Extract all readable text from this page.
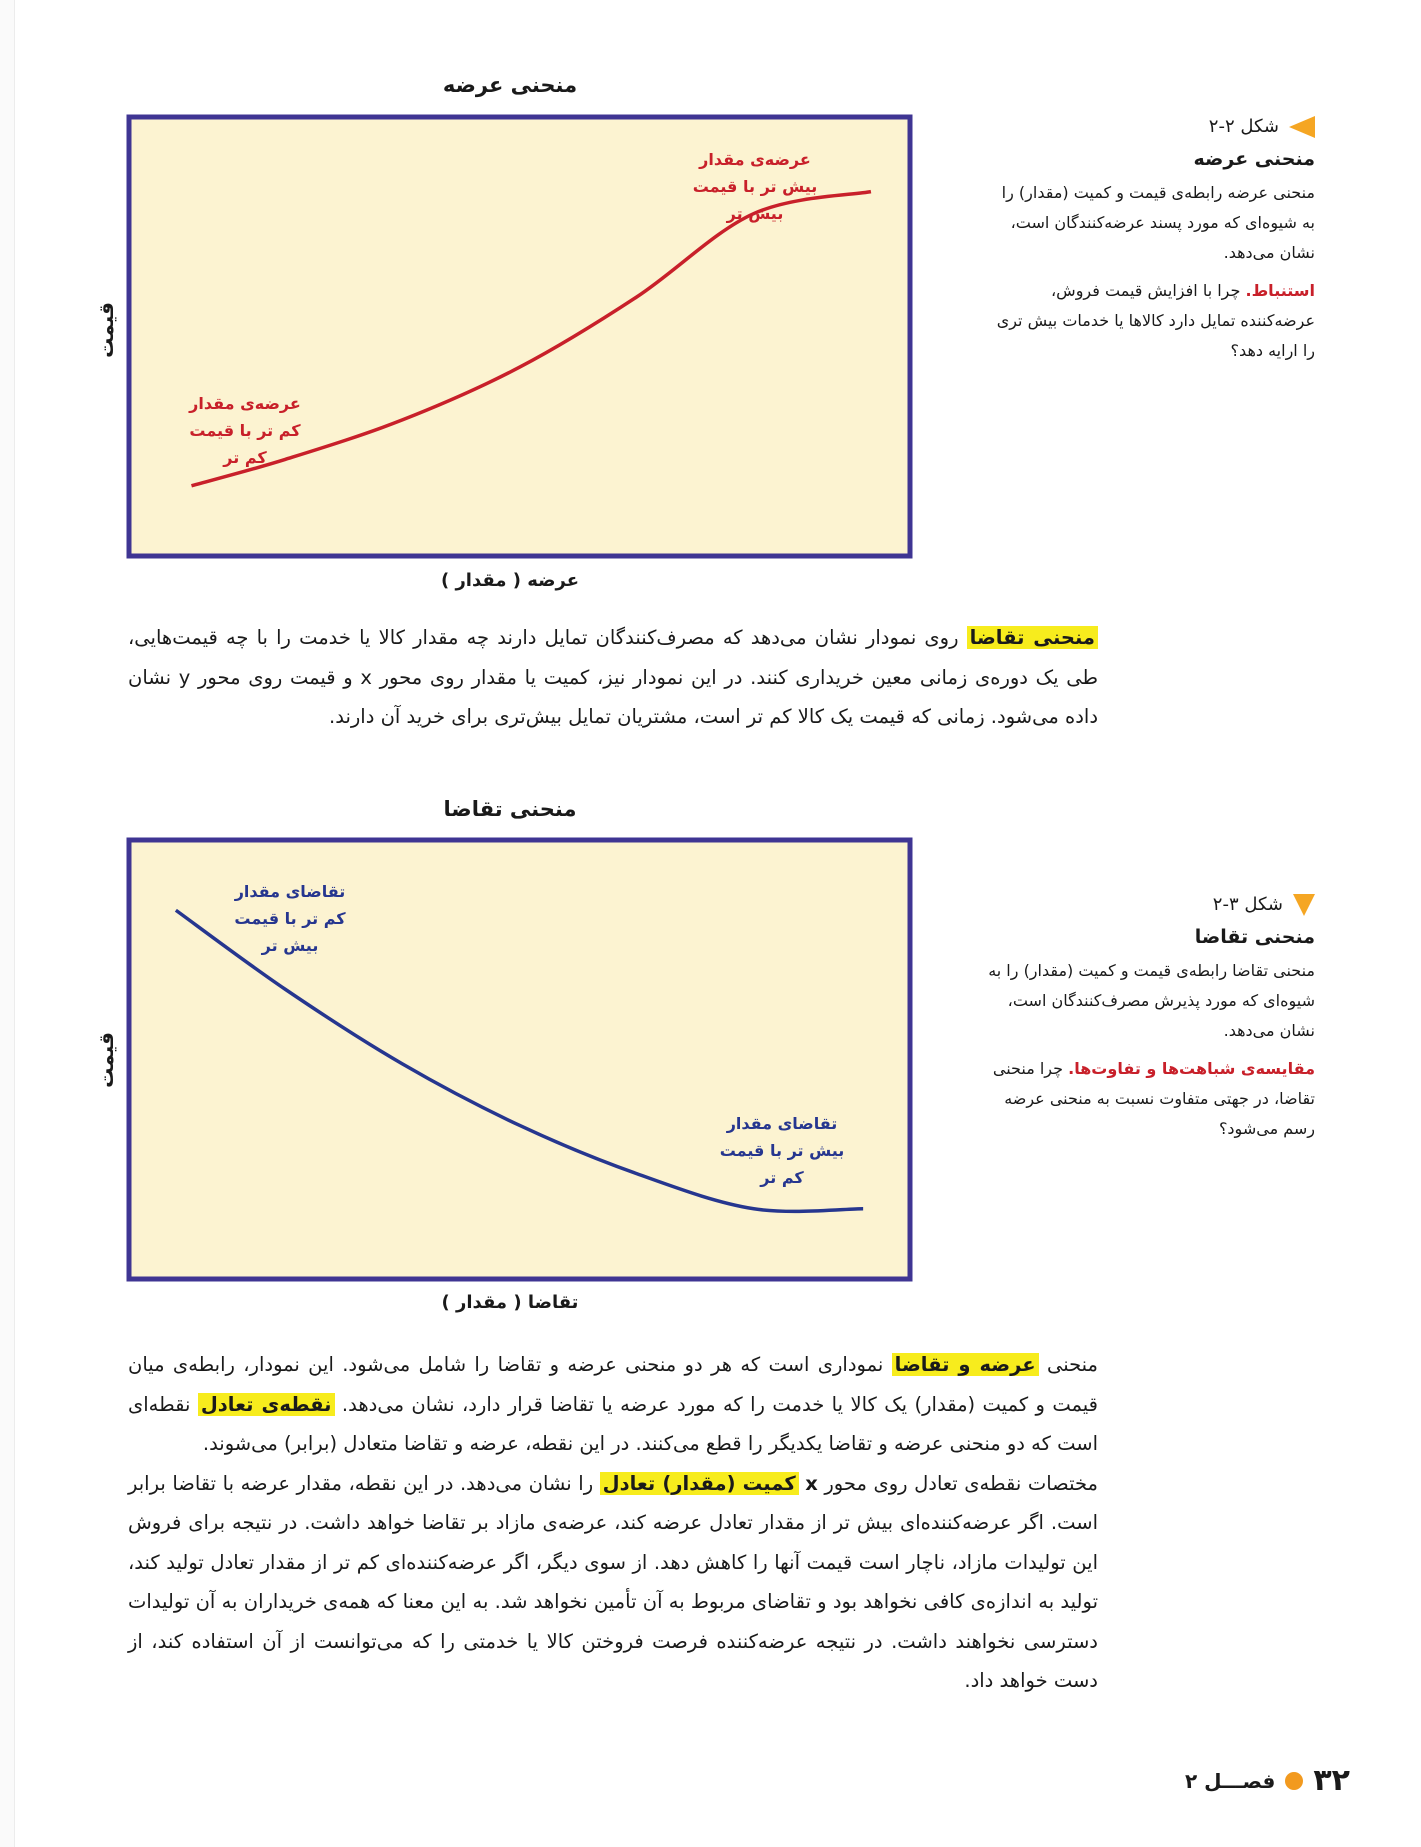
منحنی عرضه
قیمت
عرضه‌ی مقدار
بیش تر با قیمت
بیش تر
عرضه‌ی مقدار
کم تر با قیمت
کم تر
عرضه ( مقدار )
شکل ۲-۲
منحنی عرضه
منحنی عرضه رابطه‌ی قیمت و کمیت (مقدار) را به شیوه‌ای که مورد پسند عرضه‌کنندگان است، نشان می‌دهد.
استنباط. چرا با افزایش قیمت فروش، عرضه‌کننده تمایل دارد کالاها یا خدمات بیش تری را ارایه دهد؟
منحنی تقاضا روی نمودار نشان می‌دهد که مصرف‌کنندگان تمایل دارند چه مقدار کالا یا خدمت را با چه قیمت‌هایی، طی یک دوره‌ی زمانی معین خریداری کنند. در این نمودار نیز، کمیت یا مقدار روی محور x و قیمت روی محور y نشان داده می‌شود. زمانی که قیمت یک کالا کم تر است، مشتریان تمایل بیش‌تری برای خرید آن دارند.
منحنی تقاضا
قیمت
تقاضای مقدار
کم تر با قیمت
بیش تر
تقاضای مقدار
بیش تر با قیمت
کم تر
تقاضا ( مقدار )
شکل ۳-۲
منحنی تقاضا
منحنی تقاضا رابطه‌ی قیمت و کمیت (مقدار) را به شیوه‌ای که مورد پذیرش مصرف‌کنندگان است، نشان می‌دهد.
مقایسه‌ی شباهت‌ها و تفاوت‌ها. چرا منحنی تقاضا، در جهتی متفاوت نسبت به منحنی عرضه رسم می‌شود؟
منحنی عرضه و تقاضا نموداری است که هر دو منحنی عرضه و تقاضا را شامل می‌شود. این نمودار، رابطه‌ی میان قیمت و کمیت (مقدار) یک کالا یا خدمت را که مورد عرضه یا تقاضا قرار دارد، نشان می‌دهد. نقطه‌ی تعادل نقطه‌ای است که دو منحنی عرضه و تقاضا یکدیگر را قطع می‌کنند. در این نقطه، عرضه و تقاضا متعادل (برابر) می‌شوند.
مختصات نقطه‌ی تعادل روی محور x کمیت (مقدار) تعادل را نشان می‌دهد. در این نقطه، مقدار عرضه با تقاضا برابر است. اگر عرضه‌کننده‌ای بیش تر از مقدار تعادل عرضه کند، عرضه‌ی مازاد بر تقاضا خواهد داشت. در نتیجه برای فروش این تولیدات مازاد، ناچار است قیمت آنها را کاهش دهد. از سوی دیگر، اگر عرضه‌کننده‌ای کم تر از مقدار تعادل تولید کند، تولید به اندازه‌ی کافی نخواهد بود و تقاضای مربوط به آن تأمین نخواهد شد. به این معنا که همه‌ی خریداران به آن تولیدات دسترسی نخواهند داشت. در نتیجه عرضه‌کننده فرصت فروختن کالا یا خدمتی را که می‌توانست از آن استفاده کند، از دست خواهد داد.
۳۲
فصـــل ۲
